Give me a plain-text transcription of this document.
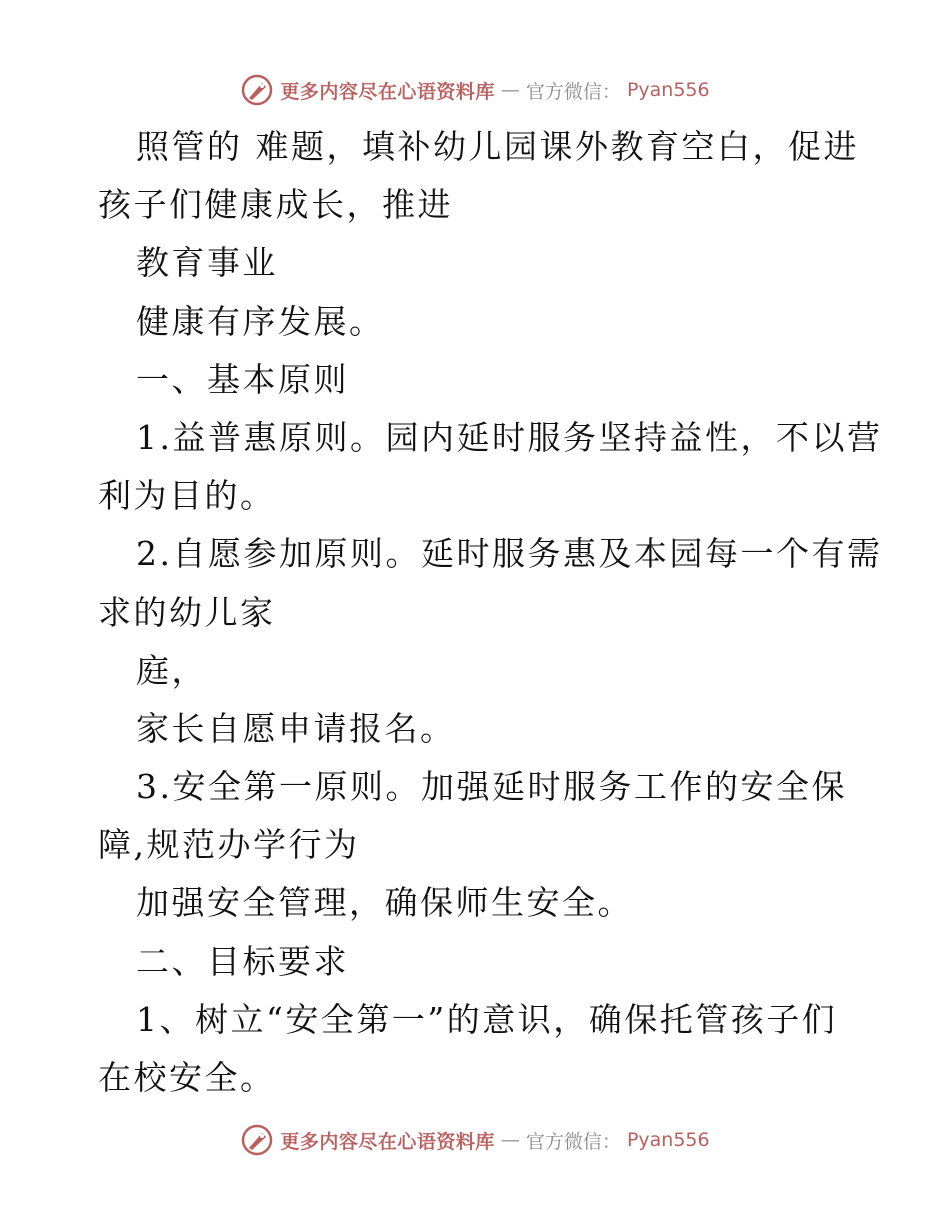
更多内容尽在心语资料库 — 官方微信： Pyan556
照管的 难题，填补幼儿园课外教育空白，促进
孩子们健康成长，推进
教育事业
健康有序发展。
一、基本原则
1.益普惠原则。园内延时服务坚持益性，不以营
利为目的。
2.自愿参加原则。延时服务惠及本园每一个有需
求的幼儿家
庭，
家长自愿申请报名。
3.安全第一原则。加强延时服务工作的安全保
障,规范办学行为
加强安全管理，确保师生安全。
二、目标要求
1、树立“安全第一”的意识，确保托管孩子们
在校安全。
更多内容尽在心语资料库 — 官方微信： Pyan556
